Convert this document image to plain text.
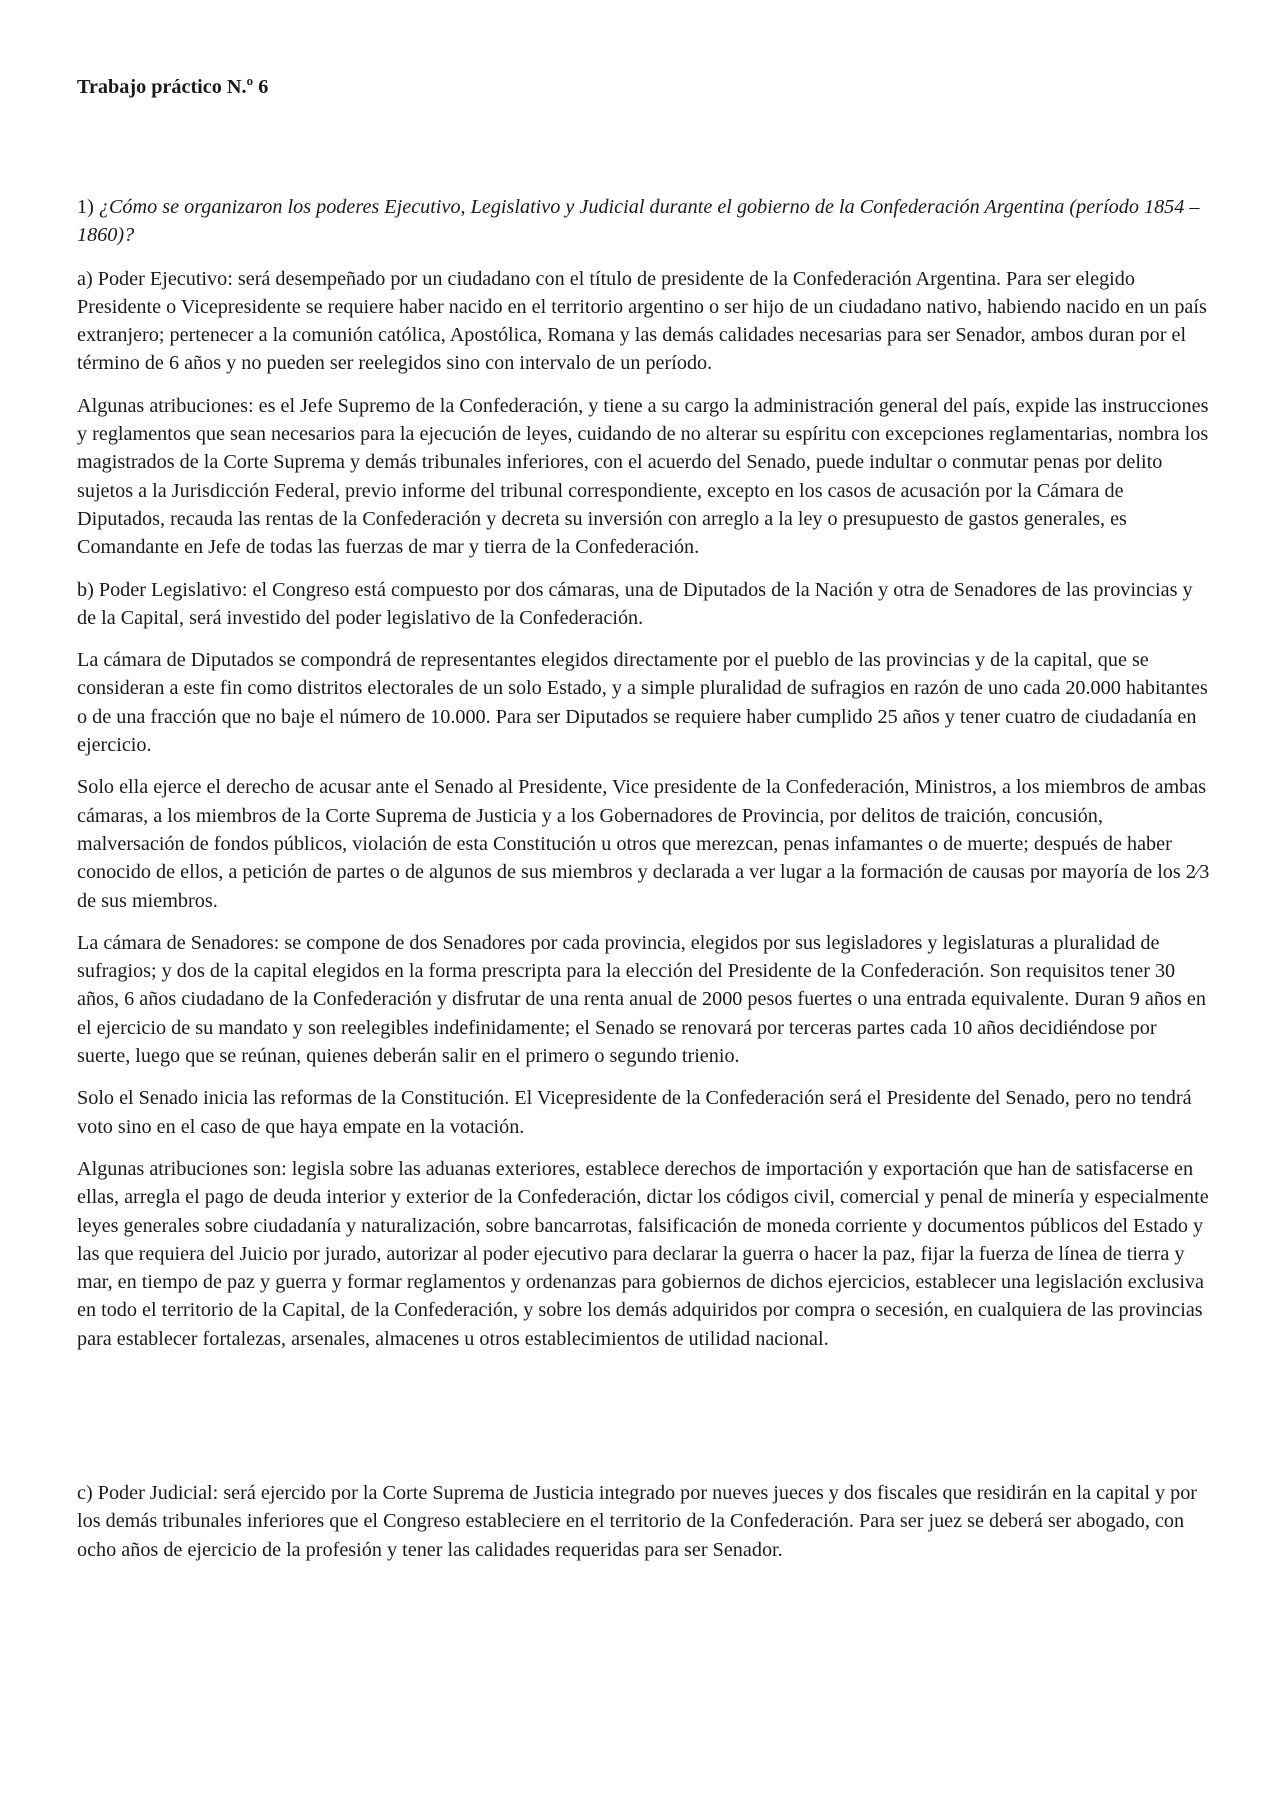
Trabajo práctico N.º 6

1) ¿Cómo se organizaron los poderes Ejecutivo, Legislativo y Judicial durante el gobierno de la Confederación Argentina (período 1854 – 1860)?

a) Poder Ejecutivo: será desempeñado por un ciudadano con el título de presidente de la Confederación Argentina. Para ser elegido Presidente o Vicepresidente se requiere haber nacido en el territorio argentino o ser hijo de un ciudadano nativo, habiendo nacido en un país extranjero; pertenecer a la comunión católica, Apostólica, Romana y las demás calidades necesarias para ser Senador, ambos duran por el término de 6 años y no pueden ser reelegidos sino con intervalo de un período.

Algunas atribuciones: es el Jefe Supremo de la Confederación, y tiene a su cargo la administración general del país, expide las instrucciones y reglamentos que sean necesarios para la ejecución de leyes, cuidando de no alterar su espíritu con excepciones reglamentarias, nombra los magistrados de la Corte Suprema y demás tribunales inferiores, con el acuerdo del Senado, puede indultar o conmutar penas por delito sujetos a la Jurisdicción Federal, previo informe del tribunal correspondiente, excepto en los casos de acusación por la Cámara de Diputados, recauda las rentas de la Confederación y decreta su inversión con arreglo a la ley o presupuesto de gastos generales, es Comandante en Jefe de todas las fuerzas de mar y tierra de la Confederación.

b) Poder Legislativo: el Congreso está compuesto por dos cámaras, una de Diputados de la Nación y otra de Senadores de las provincias y de la Capital, será investido del poder legislativo de la Confederación.

La cámara de Diputados se compondrá de representantes elegidos directamente por el pueblo de las provincias y de la capital, que se consideran a este fin como distritos electorales de un solo Estado, y a simple pluralidad de sufragios en razón de uno cada 20.000 habitantes o de una fracción que no baje el número de 10.000. Para ser Diputados se requiere haber cumplido 25 años y tener cuatro de ciudadanía en ejercicio.

Solo ella ejerce el derecho de acusar ante el Senado al Presidente, Vice presidente de la Confederación, Ministros, a los miembros de ambas cámaras, a los miembros de la Corte Suprema de Justicia y a los Gobernadores de Provincia, por delitos de traición, concusión, malversación de fondos públicos, violación de esta Constitución u otros que merezcan, penas infamantes o de muerte; después de haber conocido de ellos, a petición de partes o de algunos de sus miembros y declarada a ver lugar a la formación de causas por mayoría de los 2⁄3 de sus miembros.

La cámara de Senadores: se compone de dos Senadores por cada provincia, elegidos por sus legisladores y legislaturas a pluralidad de sufragios; y dos de la capital elegidos en la forma prescripta para la elección del Presidente de la Confederación. Son requisitos tener 30 años, 6 años ciudadano de la Confederación y disfrutar de una renta anual de 2000 pesos fuertes o una entrada equivalente. Duran 9 años en el ejercicio de su mandato y son reelegibles indefinidamente; el Senado se renovará por terceras partes cada 10 años decidiéndose por suerte, luego que se reúnan, quienes deberán salir en el primero o segundo trienio.

Solo el Senado inicia las reformas de la Constitución. El Vicepresidente de la Confederación será el Presidente del Senado, pero no tendrá voto sino en el caso de que haya empate en la votación.

Algunas atribuciones son: legisla sobre las aduanas exteriores, establece derechos de importación y exportación que han de satisfacerse en ellas, arregla el pago de deuda interior y exterior de la Confederación, dictar los códigos civil, comercial y penal de minería y especialmente leyes generales sobre ciudadanía y naturalización, sobre bancarrotas, falsificación de moneda corriente y documentos públicos del Estado y las que requiera del Juicio por jurado, autorizar al poder ejecutivo para declarar la guerra o hacer la paz, fijar la fuerza de línea de tierra y mar, en tiempo de paz y guerra y formar reglamentos y ordenanzas para gobiernos de dichos ejercicios, establecer una legislación exclusiva en todo el territorio de la Capital, de la Confederación, y sobre los demás adquiridos por compra o secesión, en cualquiera de las provincias para establecer fortalezas, arsenales, almacenes u otros establecimientos de utilidad nacional.

c) Poder Judicial: será ejercido por la Corte Suprema de Justicia integrado por nueves jueces y dos fiscales que residirán en la capital y por los demás tribunales inferiores que el Congreso estableciere en el territorio de la Confederación. Para ser juez se deberá ser abogado, con ocho años de ejercicio de la profesión y tener las calidades requeridas para ser Senador.
